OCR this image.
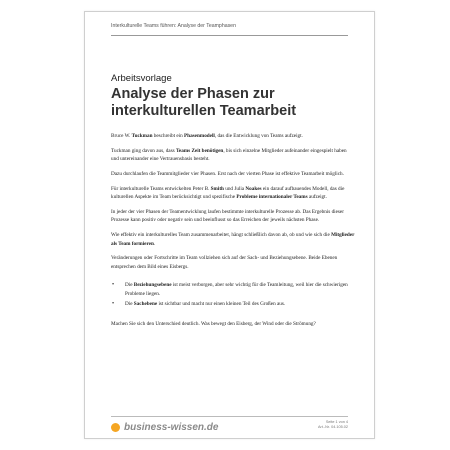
Interkulturelle Teams führen: Analyse der Teamphasen
Arbeitsvorlage
Analyse der Phasen zur interkulturellen Teamarbeit

Bruce W. Tuckman beschreibt ein Phasenmodell, das die Entwicklung von Teams aufzeigt.

Tuckman ging davon aus, dass Teams Zeit benötigen, bis sich einzelne Mitglieder aufeinander eingespielt haben und untereinander eine Vertrauensbasis besteht.

Dazu durchlaufen die Teammitglieder vier Phasen. Erst nach der vierten Phase ist effektive Teamarbeit möglich.

Für interkulturelle Teams entwickelten Peter B. Smith und Julia Noakes ein darauf aufbauendes Modell, das die kulturellen Aspekte im Team berücksichtigt und spezifische Probleme internationaler Teams aufzeigt.

In jeder der vier Phasen der Teamentwicklung laufen bestimmte interkulturelle Prozesse ab. Das Ergebnis dieser Prozesse kann positiv oder negativ sein und beeinflusst so das Erreichen der jeweils nächsten Phase.

Wie effektiv ein interkulturelles Team zusammenarbeitet, hängt schließlich davon ab, ob und wie sich die Mitglieder als Team formieren.

Veränderungen oder Fortschritte im Team vollziehen sich auf der Sach- und Beziehungsebene. Beide Ebenen entsprechen dem Bild eines Eisbergs.

• Die Beziehungsebene ist meist verborgen, aber sehr wichtig für die Teamleitung, weil hier die schwierigen Probleme liegen.
• Die Sachebene ist sichtbar und macht nur einen kleinen Teil des Großen aus.

Machen Sie sich den Unterschied deutlich. Was bewegt den Eisberg, der Wind oder die Strömung?

business-wissen.de	Seite 1 von 4
Art.-Nr. 04.105.02
